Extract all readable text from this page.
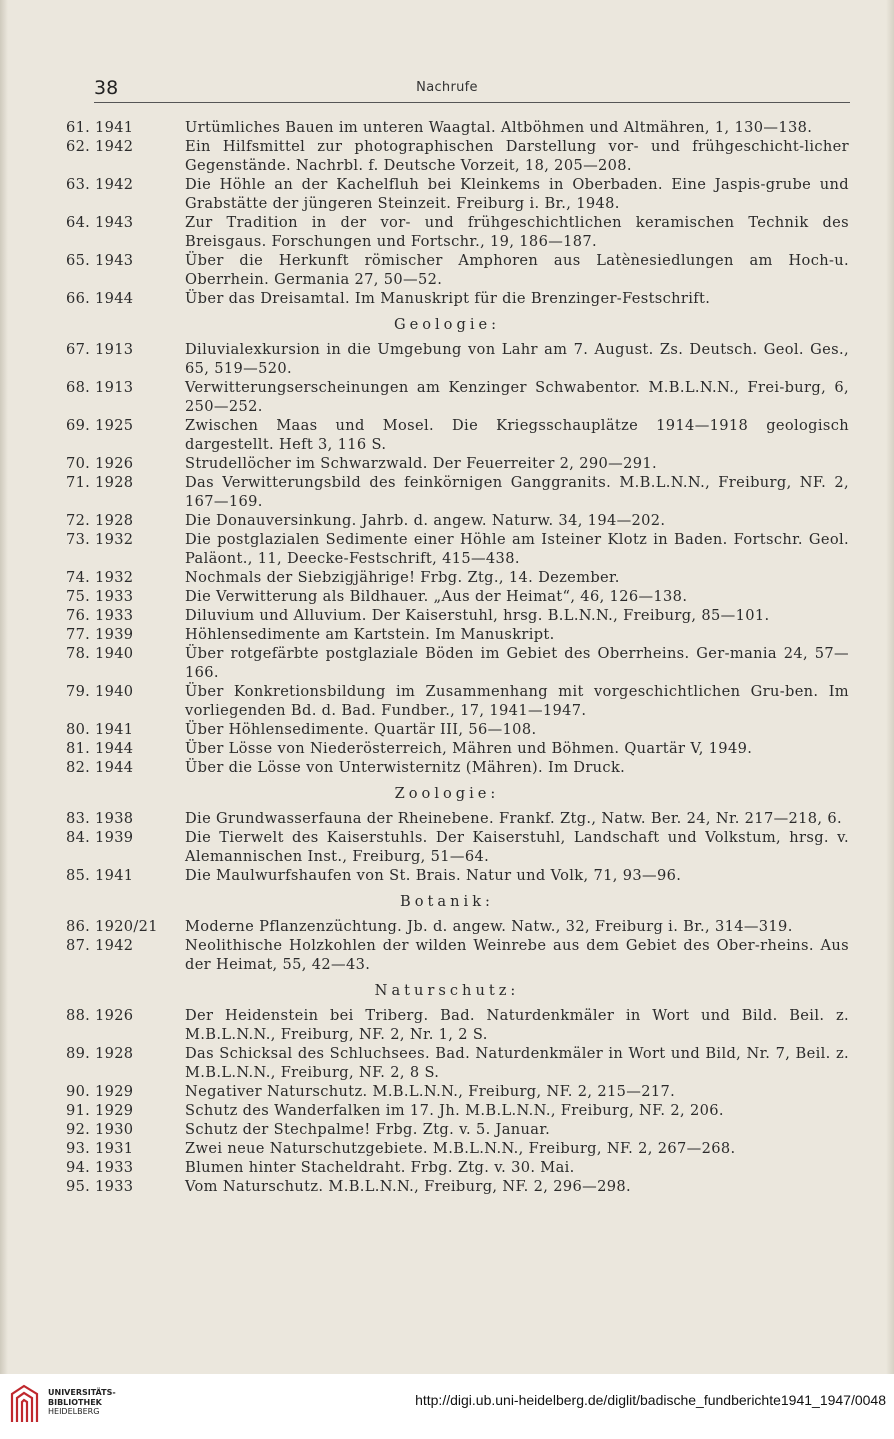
38	Nachrufe
61. 1941	Urtümliches Bauen im unteren Waagtal. Altböhmen und Altmähren, 1, 130—138.
62. 1942	Ein Hilfsmittel zur photographischen Darstellung vor- und frühgeschicht-licher Gegenstände. Nachrbl. f. Deutsche Vorzeit, 18, 205—208.
63. 1942	Die Höhle an der Kachelfluh bei Kleinkems in Oberbaden. Eine Jaspis-grube und Grabstätte der jüngeren Steinzeit. Freiburg i. Br., 1948.
64. 1943	Zur Tradition in der vor- und frühgeschichtlichen keramischen Technik des Breisgaus. Forschungen und Fortschr., 19, 186—187.
65. 1943	Über die Herkunft römischer Amphoren aus Latènesiedlungen am Hoch-u. Oberrhein. Germania 27, 50—52.
66. 1944	Über das Dreisamtal. Im Manuskript für die Brenzinger-Festschrift.
Geologie:
67. 1913	Diluvialexkursion in die Umgebung von Lahr am 7. August. Zs. Deutsch. Geol. Ges., 65, 519—520.
68. 1913	Verwitterungserscheinungen am Kenzinger Schwabentor. M.B.L.N.N., Frei-burg, 6, 250—252.
69. 1925	Zwischen Maas und Mosel. Die Kriegsschauplätze 1914—1918 geologisch dargestellt. Heft 3, 116 S.
70. 1926	Strudellöcher im Schwarzwald. Der Feuerreiter 2, 290—291.
71. 1928	Das Verwitterungsbild des feinkörnigen Ganggranits. M.B.L.N.N., Freiburg, NF. 2, 167—169.
72. 1928	Die Donauversinkung. Jahrb. d. angew. Naturw. 34, 194—202.
73. 1932	Die postglazialen Sedimente einer Höhle am Isteiner Klotz in Baden. Fortschr. Geol. Paläont., 11, Deecke-Festschrift, 415—438.
74. 1932	Nochmals der Siebzigjährige! Frbg. Ztg., 14. Dezember.
75. 1933	Die Verwitterung als Bildhauer. „Aus der Heimat“, 46, 126—138.
76. 1933	Diluvium und Alluvium. Der Kaiserstuhl, hrsg. B.L.N.N., Freiburg, 85—101.
77. 1939	Höhlensedimente am Kartstein. Im Manuskript.
78. 1940	Über rotgefärbte postglaziale Böden im Gebiet des Oberrheins. Ger-mania 24, 57—166.
79. 1940	Über Konkretionsbildung im Zusammenhang mit vorgeschichtlichen Gru-ben. Im vorliegenden Bd. d. Bad. Fundber., 17, 1941—1947.
80. 1941	Über Höhlensedimente. Quartär III, 56—108.
81. 1944	Über Lösse von Niederösterreich, Mähren und Böhmen. Quartär V, 1949.
82. 1944	Über die Lösse von Unterwisternitz (Mähren). Im Druck.
Zoologie:
83. 1938	Die Grundwasserfauna der Rheinebene. Frankf. Ztg., Natw. Ber. 24, Nr. 217—218, 6.
84. 1939	Die Tierwelt des Kaiserstuhls. Der Kaiserstuhl, Landschaft und Volkstum, hrsg. v. Alemannischen Inst., Freiburg, 51—64.
85. 1941	Die Maulwurfshaufen von St. Brais. Natur und Volk, 71, 93—96.
Botanik:
86. 1920/21	Moderne Pflanzenzüchtung. Jb. d. angew. Natw., 32, Freiburg i. Br., 314—319.
87. 1942	Neolithische Holzkohlen der wilden Weinrebe aus dem Gebiet des Ober-rheins. Aus der Heimat, 55, 42—43.
Naturschutz:
88. 1926	Der Heidenstein bei Triberg. Bad. Naturdenkmäler in Wort und Bild. Beil. z. M.B.L.N.N., Freiburg, NF. 2, Nr. 1, 2 S.
89. 1928	Das Schicksal des Schluchsees. Bad. Naturdenkmäler in Wort und Bild, Nr. 7, Beil. z. M.B.L.N.N., Freiburg, NF. 2, 8 S.
90. 1929	Negativer Naturschutz. M.B.L.N.N., Freiburg, NF. 2, 215—217.
91. 1929	Schutz des Wanderfalken im 17. Jh. M.B.L.N.N., Freiburg, NF. 2, 206.
92. 1930	Schutz der Stechpalme! Frbg. Ztg. v. 5. Januar.
93. 1931	Zwei neue Naturschutzgebiete. M.B.L.N.N., Freiburg, NF. 2, 267—268.
94. 1933	Blumen hinter Stacheldraht. Frbg. Ztg. v. 30. Mai.
95. 1933	Vom Naturschutz. M.B.L.N.N., Freiburg, NF. 2, 296—298.
UNIVERSITÄTS-
BIBLIOTHEK
HEIDELBERG
http://digi.ub.uni-heidelberg.de/diglit/badische_fundberichte1941_1947/0048
